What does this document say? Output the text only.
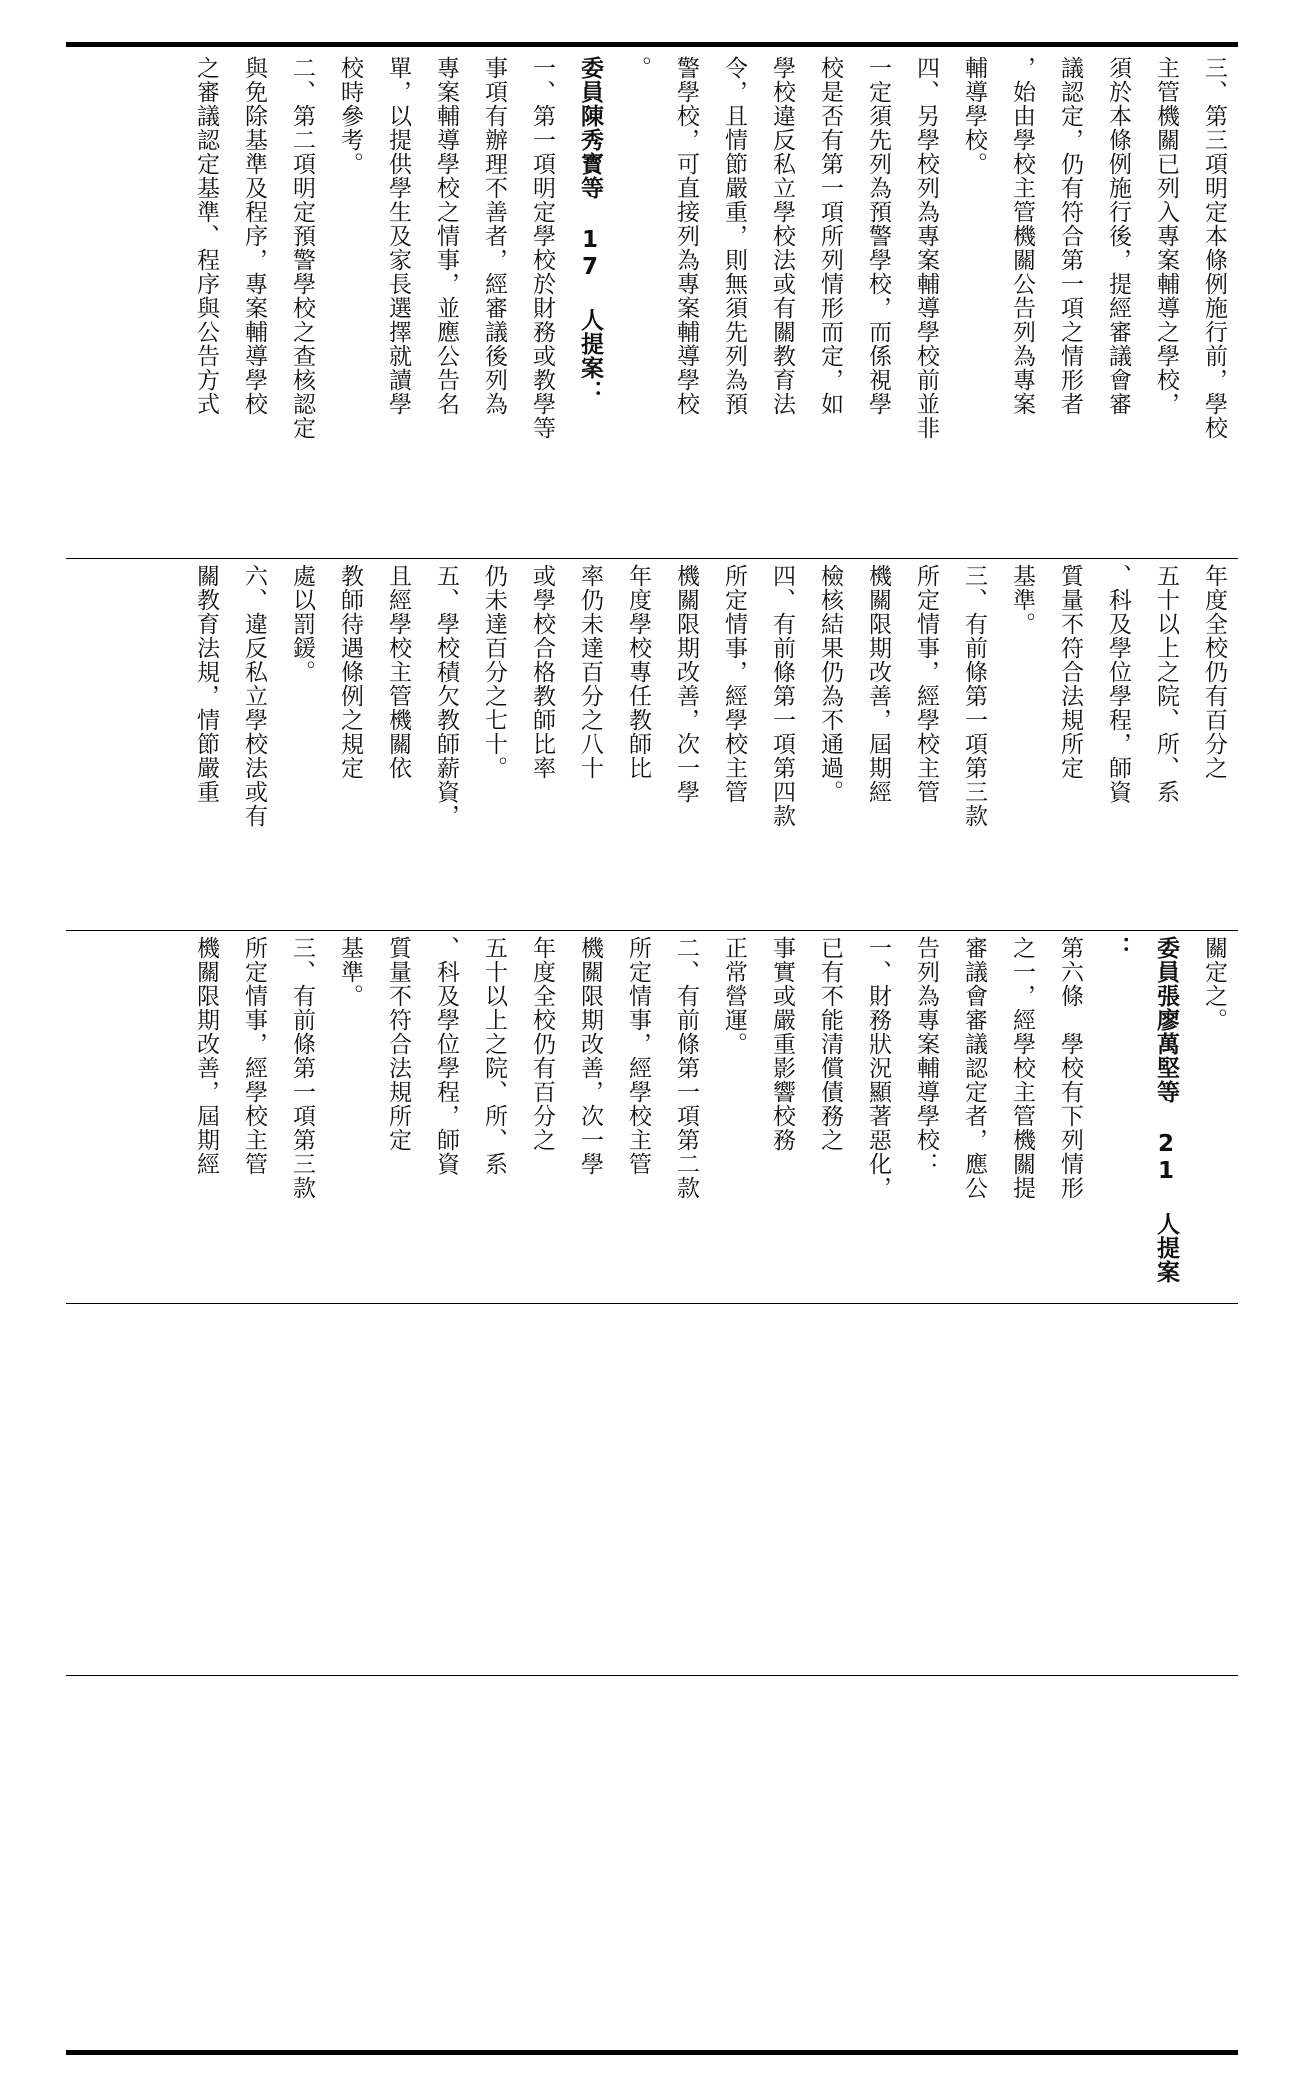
三、第三項明定本條例施行前，學校

主管機關已列入專案輔導之學校，

須於本條例施行後，提經審議會審

議認定，仍有符合第一項之情形者

，始由學校主管機關公告列為專案

輔導學校。

四、另學校列為專案輔導學校前並非

一定須先列為預警學校，而係視學

校是否有第一項所列情形而定，如

學校違反私立學校法或有關教育法

令，且情節嚴重，則無須先列為預

警學校，可直接列為專案輔導學校

。

委員陳秀寳等 17 人提案：

一、第一項明定學校於財務或教學等

事項有辦理不善者，經審議後列為

專案輔導學校之情事，並應公告名

單，以提供學生及家長選擇就讀學

校時參考。

二、第二項明定預警學校之查核認定

與免除基準及程序，專案輔導學校

之審議認定基準、程序與公告方式

年度全校仍有百分之

五十以上之院、所、系

、科及學位學程，師資

質量不符合法規所定

基準。

三、有前條第一項第三款

所定情事，經學校主管

機關限期改善，屆期經

檢核結果仍為不通過。

四、有前條第一項第四款

所定情事，經學校主管

機關限期改善，次一學

年度學校專任教師比

率仍未達百分之八十

或學校合格教師比率

仍未達百分之七十。

五、學校積欠教師薪資，

且經學校主管機關依

教師待遇條例之規定

處以罰鍰。

六、違反私立學校法或有

關教育法規，情節嚴重

關定之。

委員張廖萬堅等 21 人提案

：

第六條　學校有下列情形

之一，經學校主管機關提

審議會審議認定者，應公

告列為專案輔導學校：

一、財務狀況顯著惡化，

已有不能清償債務之

事實或嚴重影響校務

正常營運。

二、有前條第一項第二款

所定情事，經學校主管

機關限期改善，次一學

年度全校仍有百分之

五十以上之院、所、系

、科及學位學程，師資

質量不符合法規所定

基準。

三、有前條第一項第三款

所定情事，經學校主管

機關限期改善，屆期經
